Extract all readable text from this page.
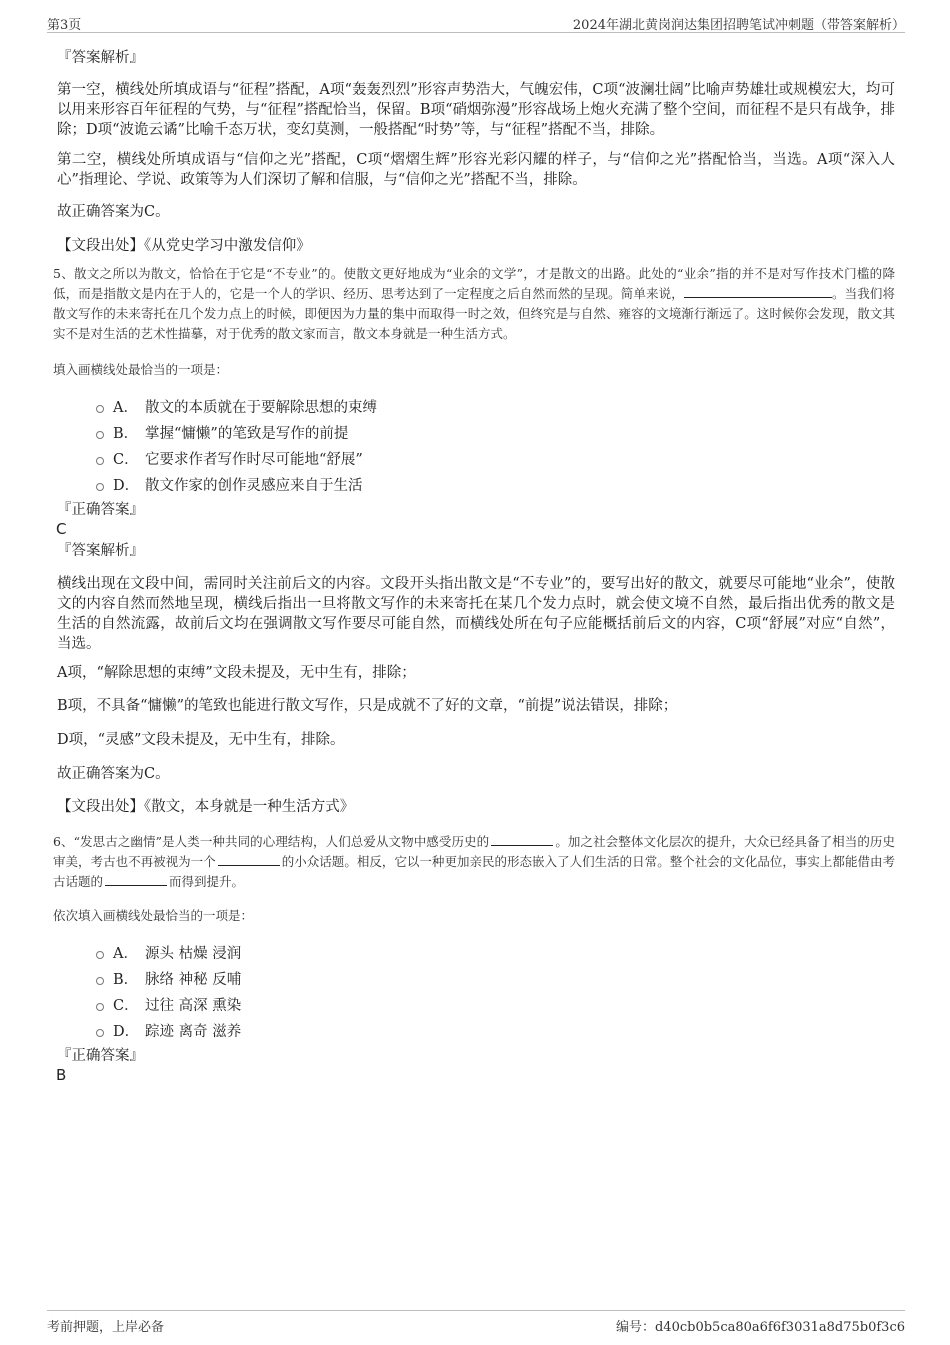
第3页	2024年湖北黄岗润达集团招聘笔试冲刺题（带答案解析）

『答案解析』

第一空，横线处所填成语与“征程”搭配，A项“轰轰烈烈”形容声势浩大，气魄宏伟，C项“波澜壮阔”比喻声势雄壮或规模宏大，均可以用来形容百年征程的气势，与“征程”搭配恰当，保留。B项“硝烟弥漫”形容战场上炮火充满了整个空间，而征程不是只有战争，排除；D项“波诡云谲”比喻千态万状，变幻莫测，一般搭配“时势”等，与“征程”搭配不当，排除。

第二空，横线处所填成语与“信仰之光”搭配，C项“熠熠生辉”形容光彩闪耀的样子，与“信仰之光”搭配恰当，当选。A项“深入人心”指理论、学说、政策等为人们深切了解和信服，与“信仰之光”搭配不当，排除。

故正确答案为C。

【文段出处】《从党史学习中激发信仰》

5、散文之所以为散文，恰恰在于它是“不专业”的。使散文更好地成为“业余的文学”，才是散文的出路。此处的“业余”指的并不是对写作技术门槛的降低，而是指散文是内在于人的，它是一个人的学识、经历、思考达到了一定程度之后自然而然的呈现。简单来说，	。当我们将散文写作的未来寄托在几个发力点上的时候，即便因为力量的集中而取得一时之效，但终究是与自然、雍容的文境渐行渐远了。这时候你会发现，散文其实不是对生活的艺术性描摹，对于优秀的散文家而言，散文本身就是一种生活方式。

填入画横线处最恰当的一项是：

A． 散文的本质就在于要解除思想的束缚
B． 掌握“慵懒”的笔致是写作的前提
C． 它要求作者写作时尽可能地“舒展”
D． 散文作家的创作灵感应来自于生活

『正确答案』

C

『答案解析』

横线出现在文段中间，需同时关注前后文的内容。文段开头指出散文是“不专业”的，要写出好的散文，就要尽可能地“业余”，使散文的内容自然而然地呈现，横线后指出一旦将散文写作的未来寄托在某几个发力点时，就会使文境不自然，最后指出优秀的散文是生活的自然流露，故前后文均在强调散文写作要尽可能自然，而横线处所在句子应能概括前后文的内容，C项“舒展”对应“自然”，当选。

A项，“解除思想的束缚”文段未提及，无中生有，排除；

B项，不具备“慵懒”的笔致也能进行散文写作，只是成就不了好的文章，“前提”说法错误，排除；

D项，“灵感”文段未提及，无中生有，排除。

故正确答案为C。

【文段出处】《散文，本身就是一种生活方式》

6、“发思古之幽情”是人类一种共同的心理结构，人们总爱从文物中感受历史的	。加之社会整体文化层次的提升，大众已经具备了相当的历史审美，考古也不再被视为一个	的小众话题。相反，它以一种更加亲民的形态嵌入了人们生活的日常。整个社会的文化品位，事实上都能借由考古话题的	而得到提升。

依次填入画横线处最恰当的一项是：

A． 源头 枯燥 浸润
B． 脉络 神秘 反哺
C． 过往 高深 熏染
D． 踪迹 离奇 滋养

『正确答案』

B

考前押题，上岸必备	编号：d40cb0b5ca80a6f6f3031a8d75b0f3c6
